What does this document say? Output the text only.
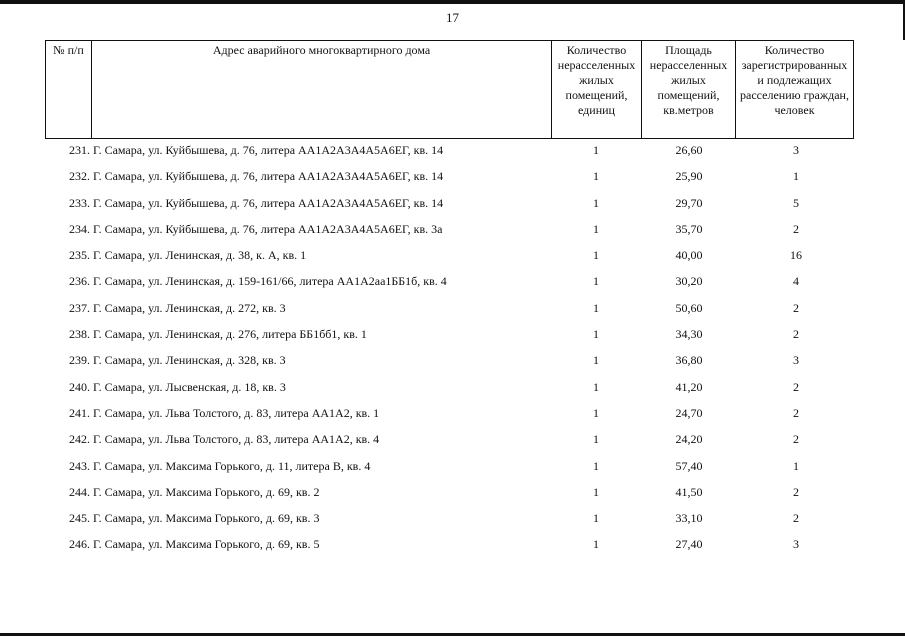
17
№ п/п	Адрес аварийного многоквартирного дома	Количество нерасселенных жилых помещений, единиц	Площадь нерасселенных жилых помещений, кв.метров	Количество зарегистрированных и подлежащих расселению граждан, человек
231. Г. Самара, ул. Куйбышева, д. 76, литера АА1А2А3А4А5А6ЕГ, кв. 14	1	26,60	3
232. Г. Самара, ул. Куйбышева, д. 76, литера АА1А2А3А4А5А6ЕГ, кв. 14	1	25,90	1
233. Г. Самара, ул. Куйбышева, д. 76, литера АА1А2А3А4А5А6ЕГ, кв. 14	1	29,70	5
234. Г. Самара, ул. Куйбышева, д. 76, литера АА1А2А3А4А5А6ЕГ, кв. 3а	1	35,70	2
235. Г. Самара, ул. Ленинская, д. 38, к. А, кв. 1	1	40,00	16
236. Г. Самара, ул. Ленинская, д. 159-161/66, литера АА1А2аа1ББ1б, кв. 4	1	30,20	4
237. Г. Самара, ул. Ленинская, д. 272, кв. 3	1	50,60	2
238. Г. Самара, ул. Ленинская, д. 276, литера ББ1бб1, кв. 1	1	34,30	2
239. Г. Самара, ул. Ленинская, д. 328, кв. 3	1	36,80	3
240. Г. Самара, ул. Лысвенская, д. 18, кв. 3	1	41,20	2
241. Г. Самара, ул. Льва Толстого, д. 83, литера АА1А2, кв. 1	1	24,70	2
242. Г. Самара, ул. Льва Толстого, д. 83, литера АА1А2, кв. 4	1	24,20	2
243. Г. Самара, ул. Максима Горького, д. 11, литера В, кв. 4	1	57,40	1
244. Г. Самара, ул. Максима Горького, д. 69, кв. 2	1	41,50	2
245. Г. Самара, ул. Максима Горького, д. 69, кв. 3	1	33,10	2
246. Г. Самара, ул. Максима Горького, д. 69, кв. 5	1	27,40	3
